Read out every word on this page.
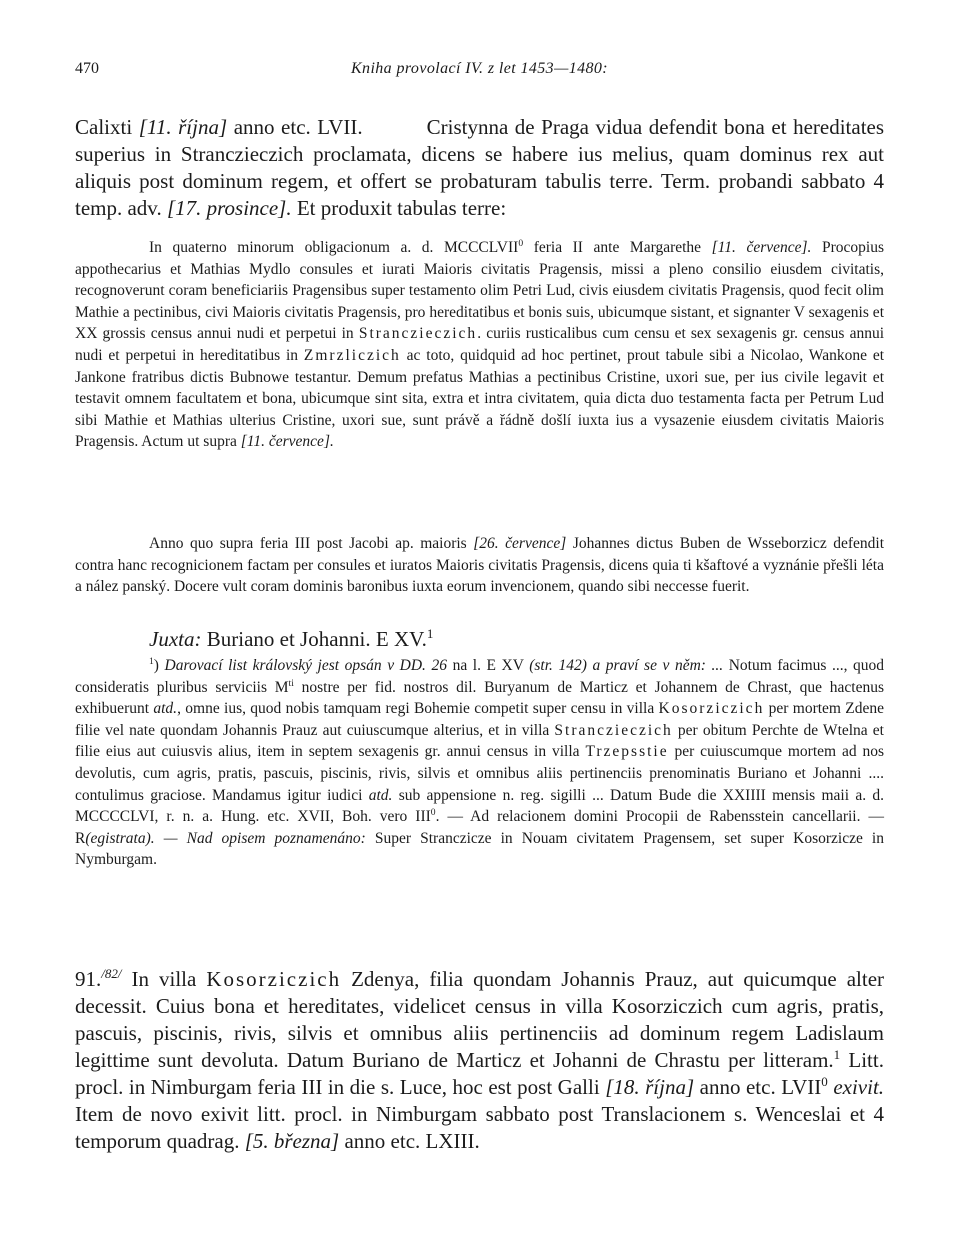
470	Kniha provolací IV. z let 1453—1480:

Calixti [11. října] anno etc. LVII.	Cristynna de Praga vidua defendit bona et hereditates superius in Stranczieczich proclamata, dicens se habere ius melius, quam dominus rex aut aliquis post dominum regem, et offert se probaturam tabulis terre. Term. probandi sabbato 4 temp. adv. [17. prosince]. Et produxit tabulas terre:

In quaterno minorum obligacionum a. d. MCCCLVII$^0$ feria II ante Margarethe [11. července]. Procopius appothecarius et Mathias Mydlo consules et iurati Maioris civitatis Pragensis, missi a pleno consilio eiusdem civitatis, recognoverunt coram beneficiariis Pragensibus super testamento olim Petri Lud, civis eiusdem civitatis Pragensis, quod fecit olim Mathie a pectinibus, civi Maioris civitatis Pragensis, pro hereditatibus et bonis suis, ubicumque sistant, et signanter V sexagenis et XX grossis census annui nudi et perpetui in Stranczieczich. curiis rusticalibus cum censu et sex sexagenis gr. census annui nudi et perpetui in hereditatibus in Zmrzliczich ac toto, quidquid ad hoc pertinet, prout tabule sibi a Nicolao, Wankone et Jankone fratribus dictis Bubnowe testantur. Demum prefatus Mathias a pectinibus Cristine, uxori sue, per ius civile legavit et testavit omnem facultatem et bona, ubicumque sint sita, extra et intra civitatem, quia dicta duo testamenta facta per Petrum Lud sibi Mathie et Mathias ulterius Cristine, uxori sue, sunt právě a řádně došlí iuxta ius a vysazenie eiusdem civitatis Maioris Pragensis. Actum ut supra [11. července].

Anno quo supra feria III post Jacobi ap. maioris [26. července] Johannes dictus Buben de Wsseborzicz defendit contra hanc recognicionem factam per consules et iuratos Maioris civitatis Pragensis, dicens quia ti kšaftové a vyznánie přešli léta a nález panský. Docere vult coram dominis baronibus iuxta eorum invencionem, quando sibi neccesse fuerit.

Juxta: Buriano et Johanni. E XV.$^1$

$^1$) Darovací list královský jest opsán v DD. 26 na l. E XV (str. 142) a praví se v něm: ... Notum facimus ..., quod consideratis pluribus serviciis $M^{ti}$ nostre per fid. nostros dil. Buryanum de Marticz et Johannem de Chrast, que hactenus exhibuerunt atd., omne ius, quod nobis tamquam regi Bohemie competit super censu in villa Kosorziczich per mortem Zdene filie vel nate quondam Johannis Prauz aut cuiuscumque alterius, et in villa Stranczieczich per obitum Perchte de Wtelna et filie eius aut cuiusvis alius, item in septem sexagenis gr. annui census in villa Trzepsstie per cuiuscumque mortem ad nos devolutis, cum agris, pratis, pascuis, piscinis, rivis, silvis et omnibus aliis pertinenciis prenominatis Buriano et Johanni .... contulimus graciose. Mandamus igitur iudici atd. sub appensione n. reg. sigilli ... Datum Bude die XXIIII mensis maii a. d. MCCCCLVI, r. n. a. Hung. etc. XVII, Boh. vero III$^0$. — Ad relacionem domini Procopii de Rabensstein cancellarii. — R(egistrata). — Nad opisem poznamenáno: Super Stranczicze in Nouam civitatem Pragensem, set super Kosorzicze in Nymburgam.

91.$^{/82/}$ In villa Kosorziczich Zdenya, filia quondam Johannis Prauz, aut quicumque alter decessit. Cuius bona et hereditates, videlicet census in villa Kosorziczich cum agris, pratis, pascuis, piscinis, rivis, silvis et omnibus aliis pertinenciis ad dominum regem Ladislaum legittime sunt devoluta. Datum Buriano de Marticz et Johanni de Chrastu per litteram.$^1$ Litt. procl. in Nimburgam feria III in die s. Luce, hoc est post Galli [18. října] anno etc. LVII$^0$ exivit. Item de novo exivit litt. procl. in Nimburgam sabbato post Translacionem s. Wenceslai et 4 temporum quadrag. [5. března] anno etc. LXIII.
